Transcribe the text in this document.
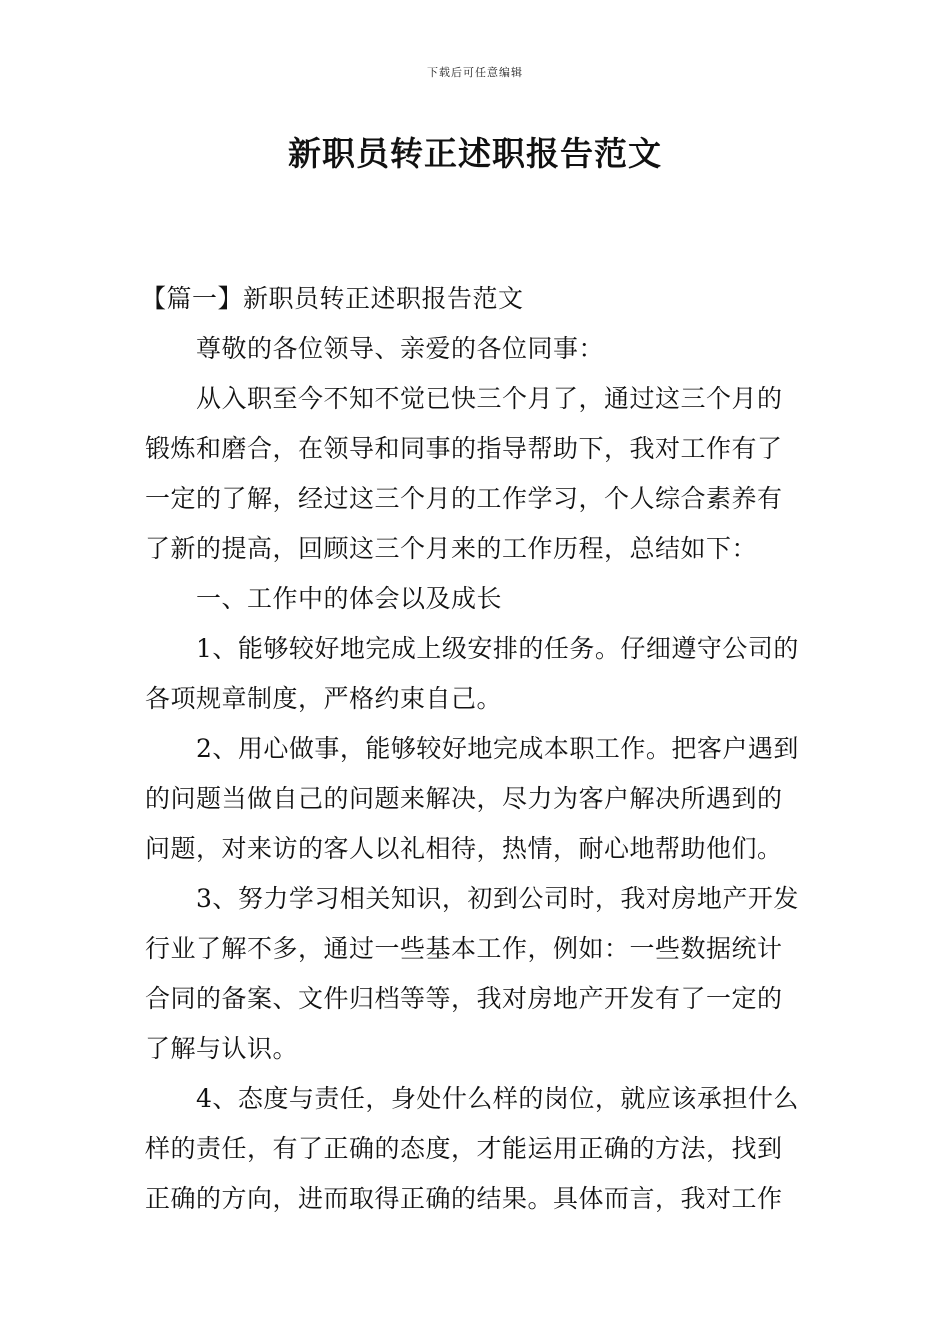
下载后可任意编辑
新职员转正述职报告范文
【篇一】新职员转正述职报告范文
尊敬的各位领导、亲爱的各位同事：
从入职至今不知不觉已快三个月了，通过这三个月的
锻炼和磨合，在领导和同事的指导帮助下，我对工作有了
一定的了解，经过这三个月的工作学习，个人综合素养有
了新的提高，回顾这三个月来的工作历程，总结如下：
一、工作中的体会以及成长
1、能够较好地完成上级安排的任务。仔细遵守公司的
各项规章制度，严格约束自己。
2、用心做事，能够较好地完成本职工作。把客户遇到
的问题当做自己的问题来解决，尽力为客户解决所遇到的
问题，对来访的客人以礼相待，热情，耐心地帮助他们。
3、努力学习相关知识，初到公司时，我对房地产开发
行业了解不多，通过一些基本工作，例如：一些数据统计
合同的备案、文件归档等等，我对房地产开发有了一定的
了解与认识。
4、态度与责任，身处什么样的岗位，就应该承担什么
样的责任，有了正确的态度，才能运用正确的方法，找到
正确的方向，进而取得正确的结果。具体而言，我对工作
